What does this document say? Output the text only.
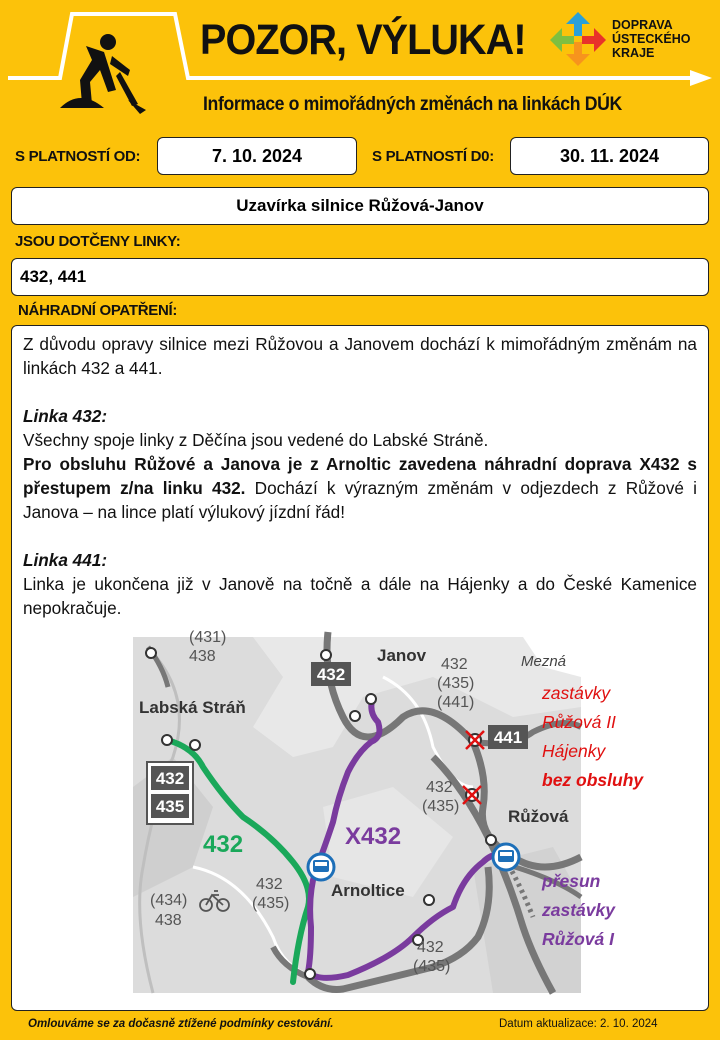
POZOR, VÝLUKA!
Informace o mimořádných změnách na linkách DÚK
DOPRAVA
ÚSTECKÉHO
KRAJE
S PLATNOSTÍ OD:	7. 10. 2024	S PLATNOSTÍ D0:	30. 11. 2024
Uzavírka silnice Růžová-Janov
JSOU DOTČENY LINKY:
432, 441
NÁHRADNÍ OPATŘENÍ:

Z důvodu opravy silnice mezi Růžovou a Janovem dochází k mimořádným změnám na linkách 432 a 441.

Linka 432:

Všechny spoje linky z Děčína jsou vedené do Labské Stráně.

Pro obsluhu Růžové a Janova je z Arnoltic zavedena náhradní doprava X432 s přestupem z/na linku 432. Dochází k výrazným změnám v odjezdech z Růžové i Janova – na lince platí výlukový jízdní řád!

Linka 441:

Linka je ukončena již v Janově na točně a dále na Hájenky a do České Kamenice nepokračuje.

432
441
432
435
Janov	Mezná
Labská Stráň
Růžová
Arnoltice
(431)
438	432
(435)
(441)
432
(435)
432
(435)
(434)
438
432
(435)
432	X432
zastávky
Růžová II
Hájenky
bez obsluhy
přesun
zastávky
Růžová I
Omlouváme se za dočasně ztížené podmínky cestování.	Datum aktualizace: 2. 10. 2024
